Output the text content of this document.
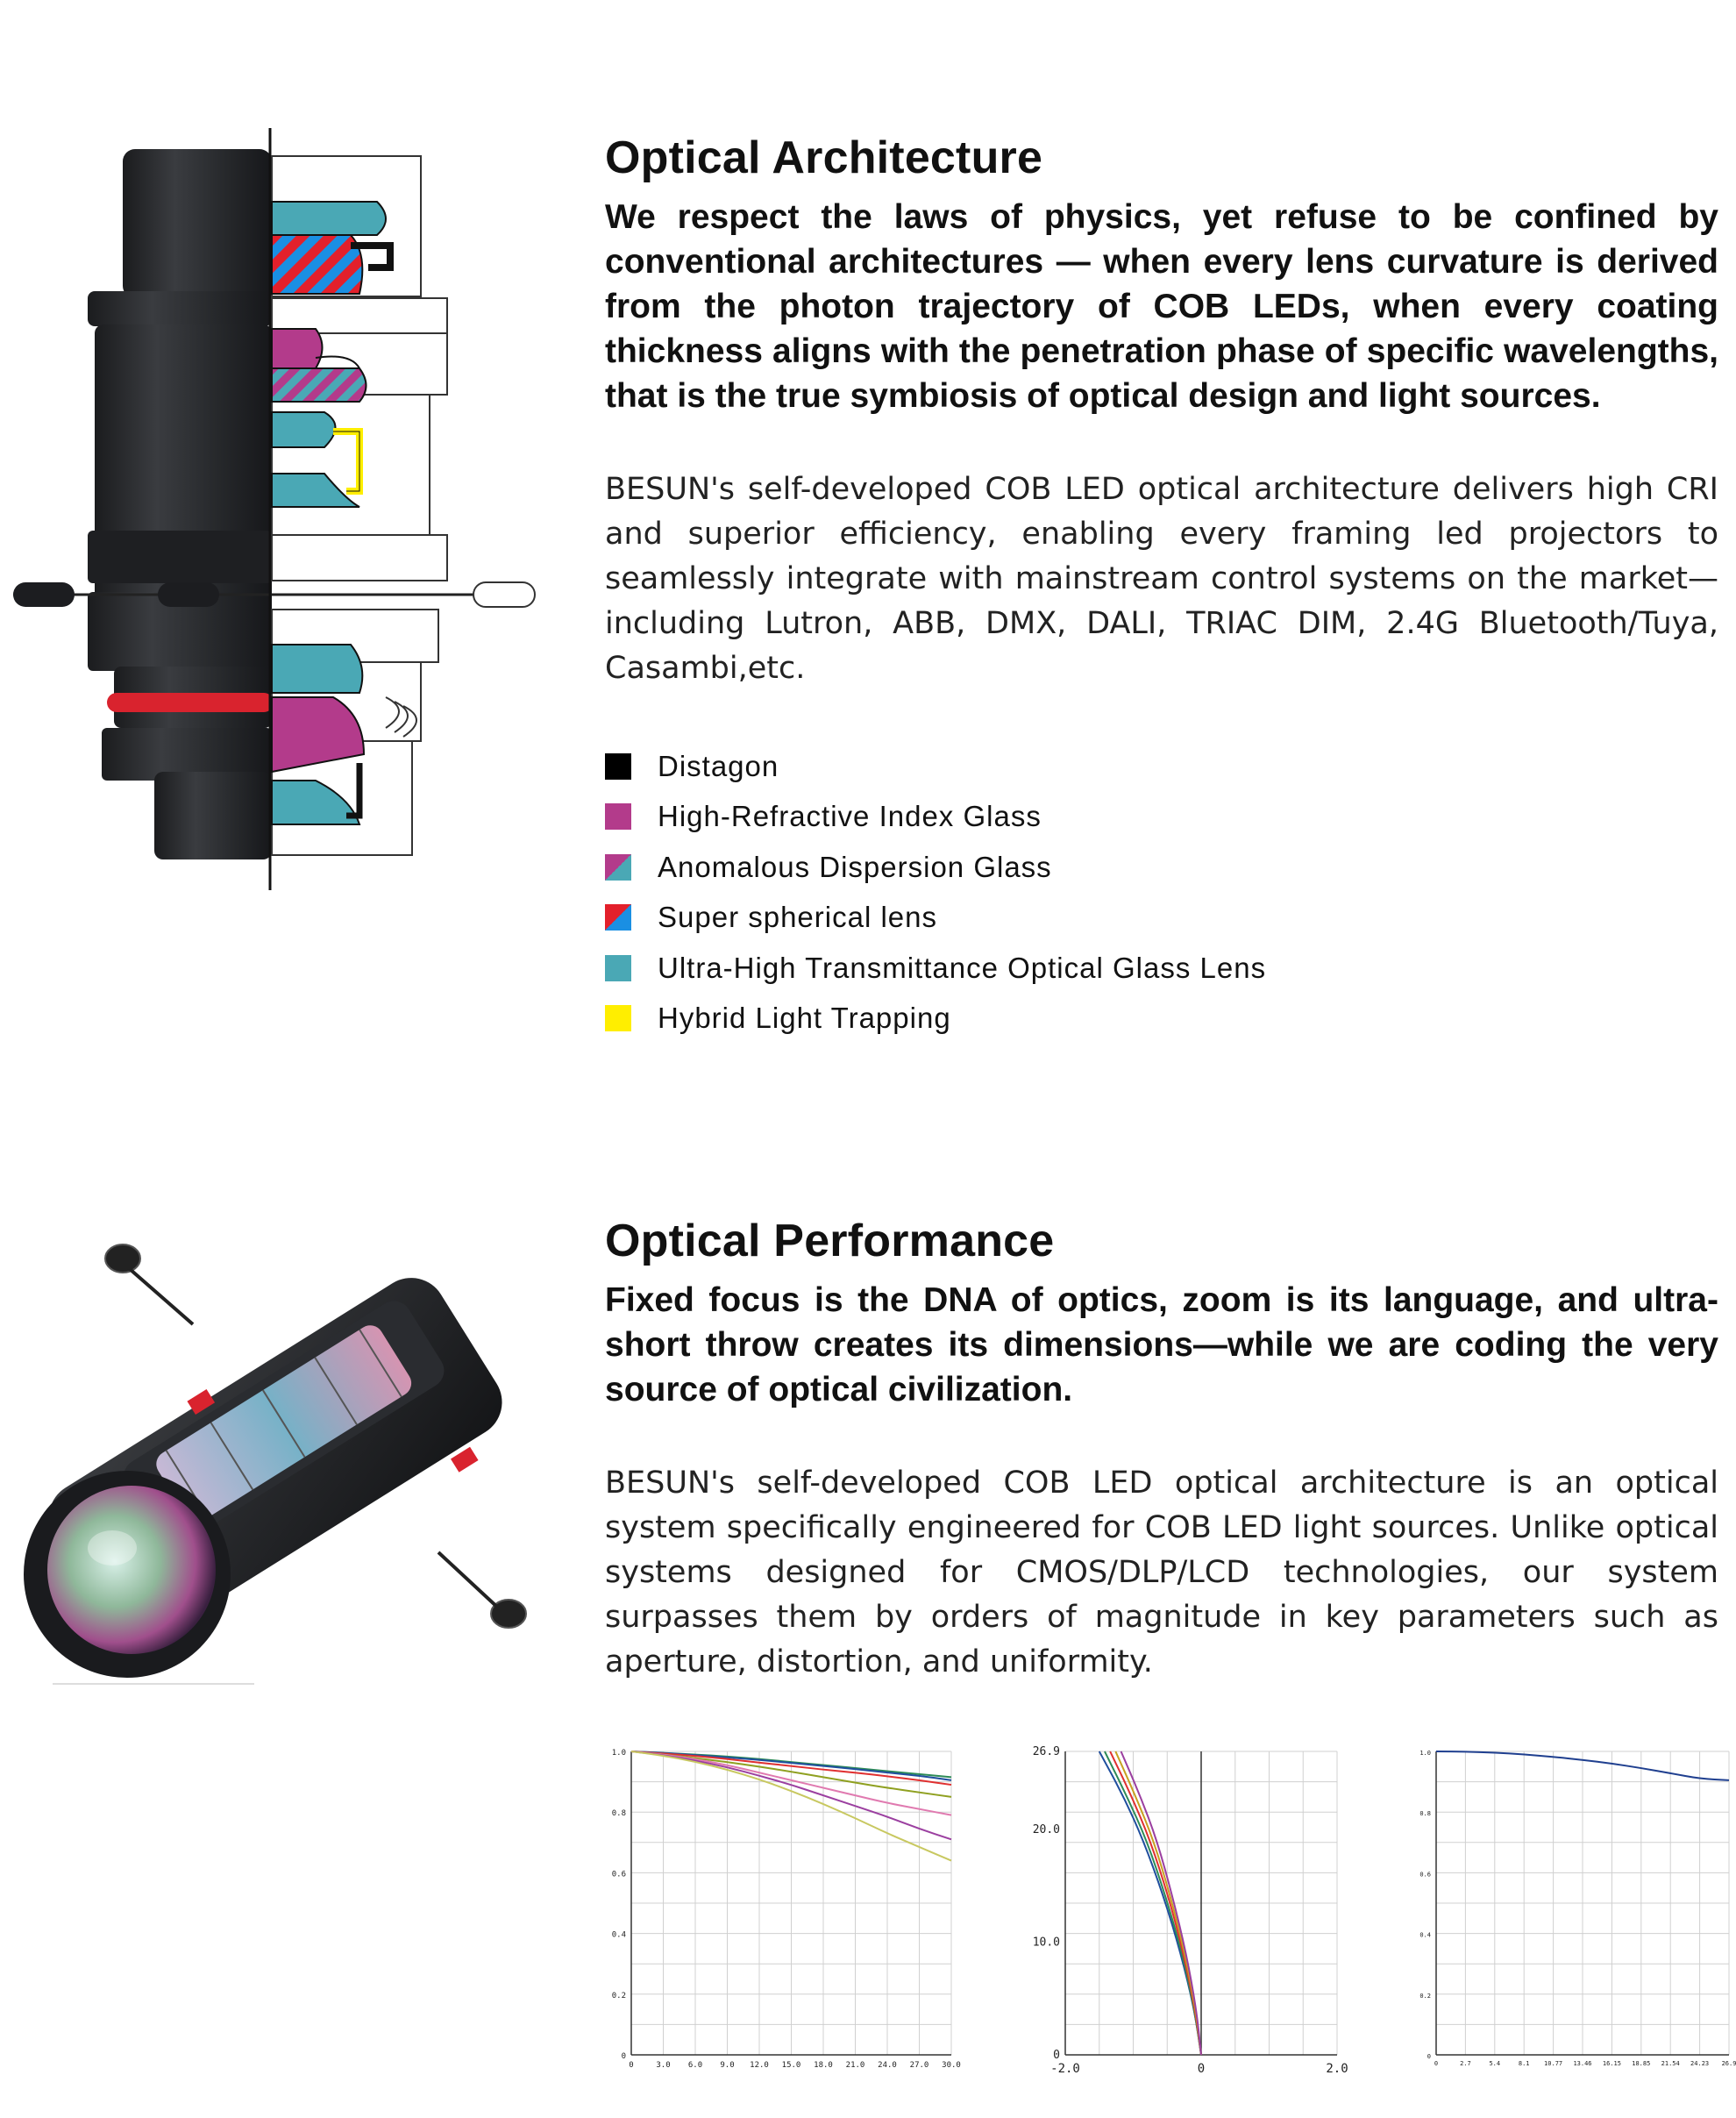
Optical Architecture

We respect the laws of physics, yet refuse to be confined by conventional architectures — when every lens curvature is derived from the photon trajectory of COB LEDs, when every coating thickness aligns with the penetration phase of specific wavelengths, that is the true symbiosis of optical design and light sources.

BESUN's self-developed COB LED optical architecture delivers high CRI and superior efficiency, enabling every framing led projectors to seamlessly integrate with mainstream control systems on the market—including Lutron, ABB, DMX, DALI, TRIAC DIM, 2.4G Bluetooth/Tuya, Casambi,etc.

Distagon
High-Refractive Index Glass
Anomalous Dispersion Glass
Super spherical lens
Ultra-High Transmittance Optical Glass Lens
Hybrid Light Trapping
Optical Performance

Fixed focus is the DNA of optics, zoom is its language, and ultra-short throw creates its dimensions—while we are coding the very source of optical civilization.

BESUN's self-developed COB LED optical architecture is an optical system specifically engineered for COB LED light sources. Unlike optical systems designed for CMOS/DLP/LCD technologies, our system surpasses them by orders of magnitude in key parameters such as aperture, distortion, and uniformity.

0	3.0 6.0 9.0 12.0 15.0 18.0 21.0 24.0 27.0 30.0
0
0.2
0.4
0.6
0.8
1.0
-2.0	0	2.0
0
10.0
20.0
26.9
0	2.7	5.4	8.1 10.77 13.46 16.15 18.85 21.54 24.23 26.9
0
0.2
0.4
0.6
0.8
1.0
